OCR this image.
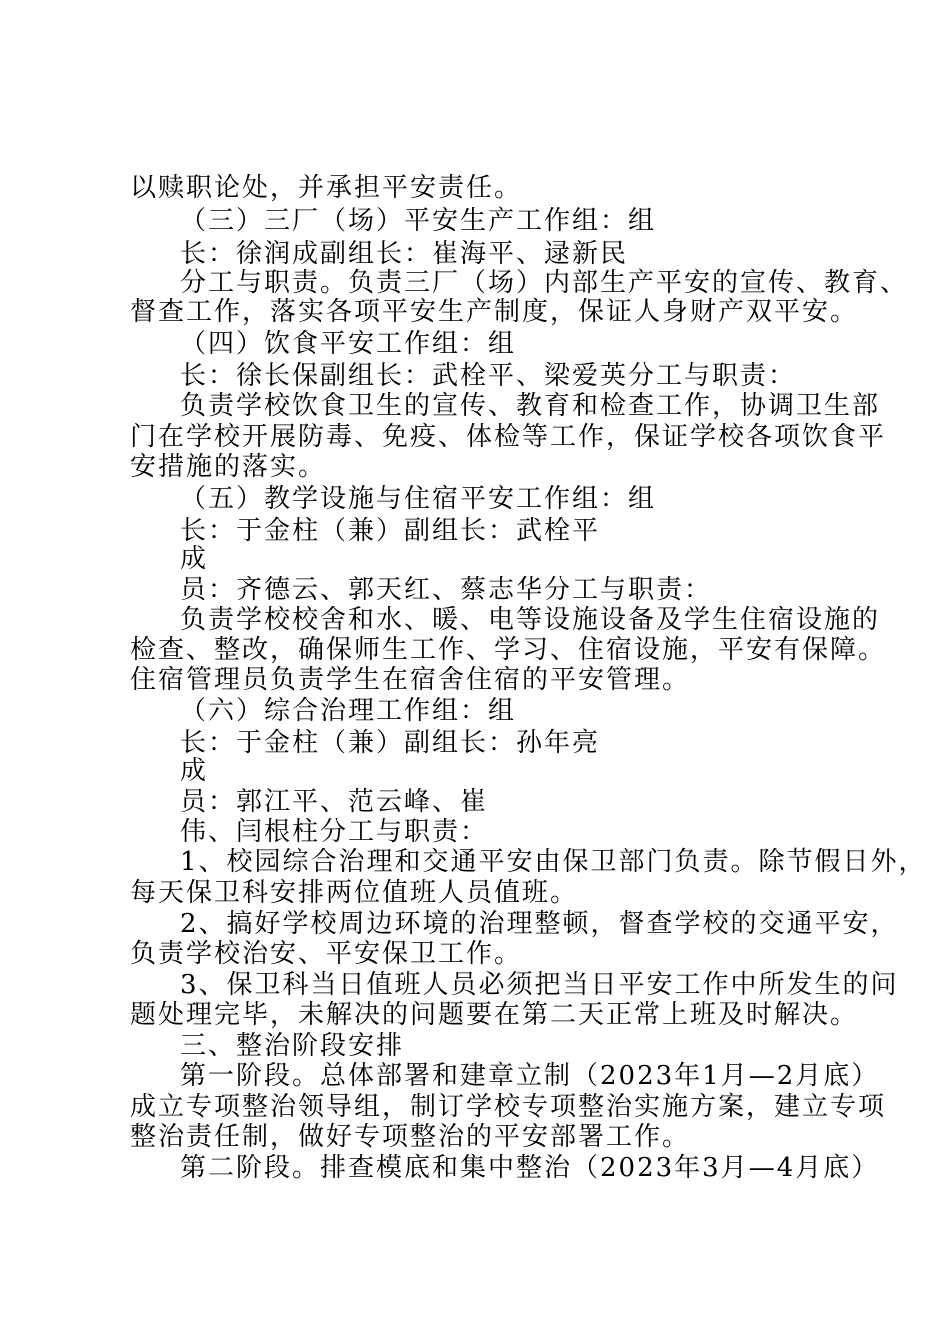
以赎职论处，并承担平安责任。
（三）三厂（场）平安生产工作组：组
长：徐润成副组长：崔海平、逯新民
分工与职责。负责三厂（场）内部生产平安的宣传、教育、
督查工作，落实各项平安生产制度，保证人身财产双平安。
（四）饮食平安工作组：组
长：徐长保副组长：武栓平、梁爱英分工与职责：
负责学校饮食卫生的宣传、教育和检查工作，协调卫生部
门在学校开展防毒、免疫、体检等工作，保证学校各项饮食平
安措施的落实。
（五）教学设施与住宿平安工作组：组
长：于金柱（兼）副组长：武栓平
成
员：齐德云、郭天红、蔡志华分工与职责：
负责学校校舍和水、暖、电等设施设备及学生住宿设施的
检查、整改，确保师生工作、学习、住宿设施，平安有保障。
住宿管理员负责学生在宿舍住宿的平安管理。
（六）综合治理工作组：组
长：于金柱（兼）副组长：孙年亮
成
员：郭江平、范云峰、崔
伟、闫根柱分工与职责：
1、校园综合治理和交通平安由保卫部门负责。除节假日外，
每天保卫科安排两位值班人员值班。
2、搞好学校周边环境的治理整顿，督查学校的交通平安，
负责学校治安、平安保卫工作。
3、保卫科当日值班人员必须把当日平安工作中所发生的问
题处理完毕，未解决的问题要在第二天正常上班及时解决。
三、整治阶段安排
第一阶段。总体部署和建章立制（2023年1月—2月底）
成立专项整治领导组，制订学校专项整治实施方案，建立专项
整治责任制，做好专项整治的平安部署工作。
第二阶段。排查模底和集中整治（2023年3月—4月底）
